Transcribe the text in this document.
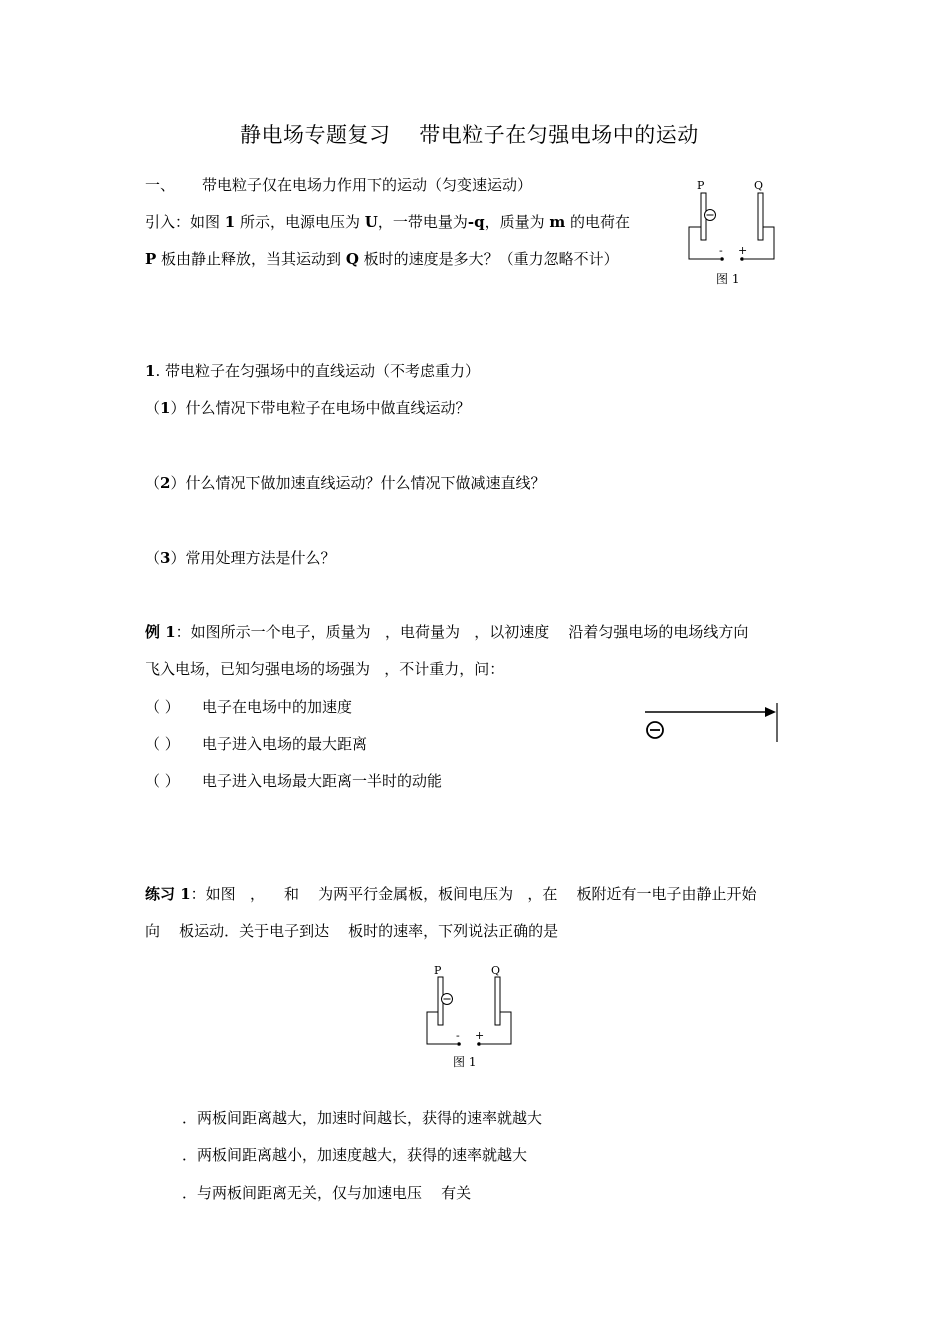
静电场专题复习    带电粒子在匀强电场中的运动
一、 带电粒子仅在电场力作用下的运动（匀变速运动）
引入：如图 1 所示，电源电压为 U，一带电量为-q，质量为 m 的电荷在
P 板由静止释放，当其运动到 Q 板时的速度是多大？（重力忽略不计）
P	Q
- +
图 1
1. 带电粒子在匀强场中的直线运动（不考虑重力）
（1）什么情况下带电粒子在电场中做直线运动？
（2）什么情况下做加速直线运动？什么情况下做减速直线？
（3）常用处理方法是什么？
例 1：如图所示一个电子，质量为   ，电荷量为   ，以初速度    沿着匀强电场的电场线方向
飞入电场，已知匀强电场的场强为   ，不计重力，问：
（ ） 电子在电场中的加速度
（ ） 电子进入电场的最大距离
（ ） 电子进入电场最大距离一半时的动能
练习 1：如图   ，    和    为两平行金属板，板间电压为   ，在    板附近有一电子由静止开始
向    板运动．关于电子到达    板时的速率，下列说法正确的是
P	Q
- +
图 1
．两板间距离越大，加速时间越长，获得的速率就越大
．两板间距离越小，加速度越大，获得的速率就越大
．与两板间距离无关，仅与加速电压    有关
